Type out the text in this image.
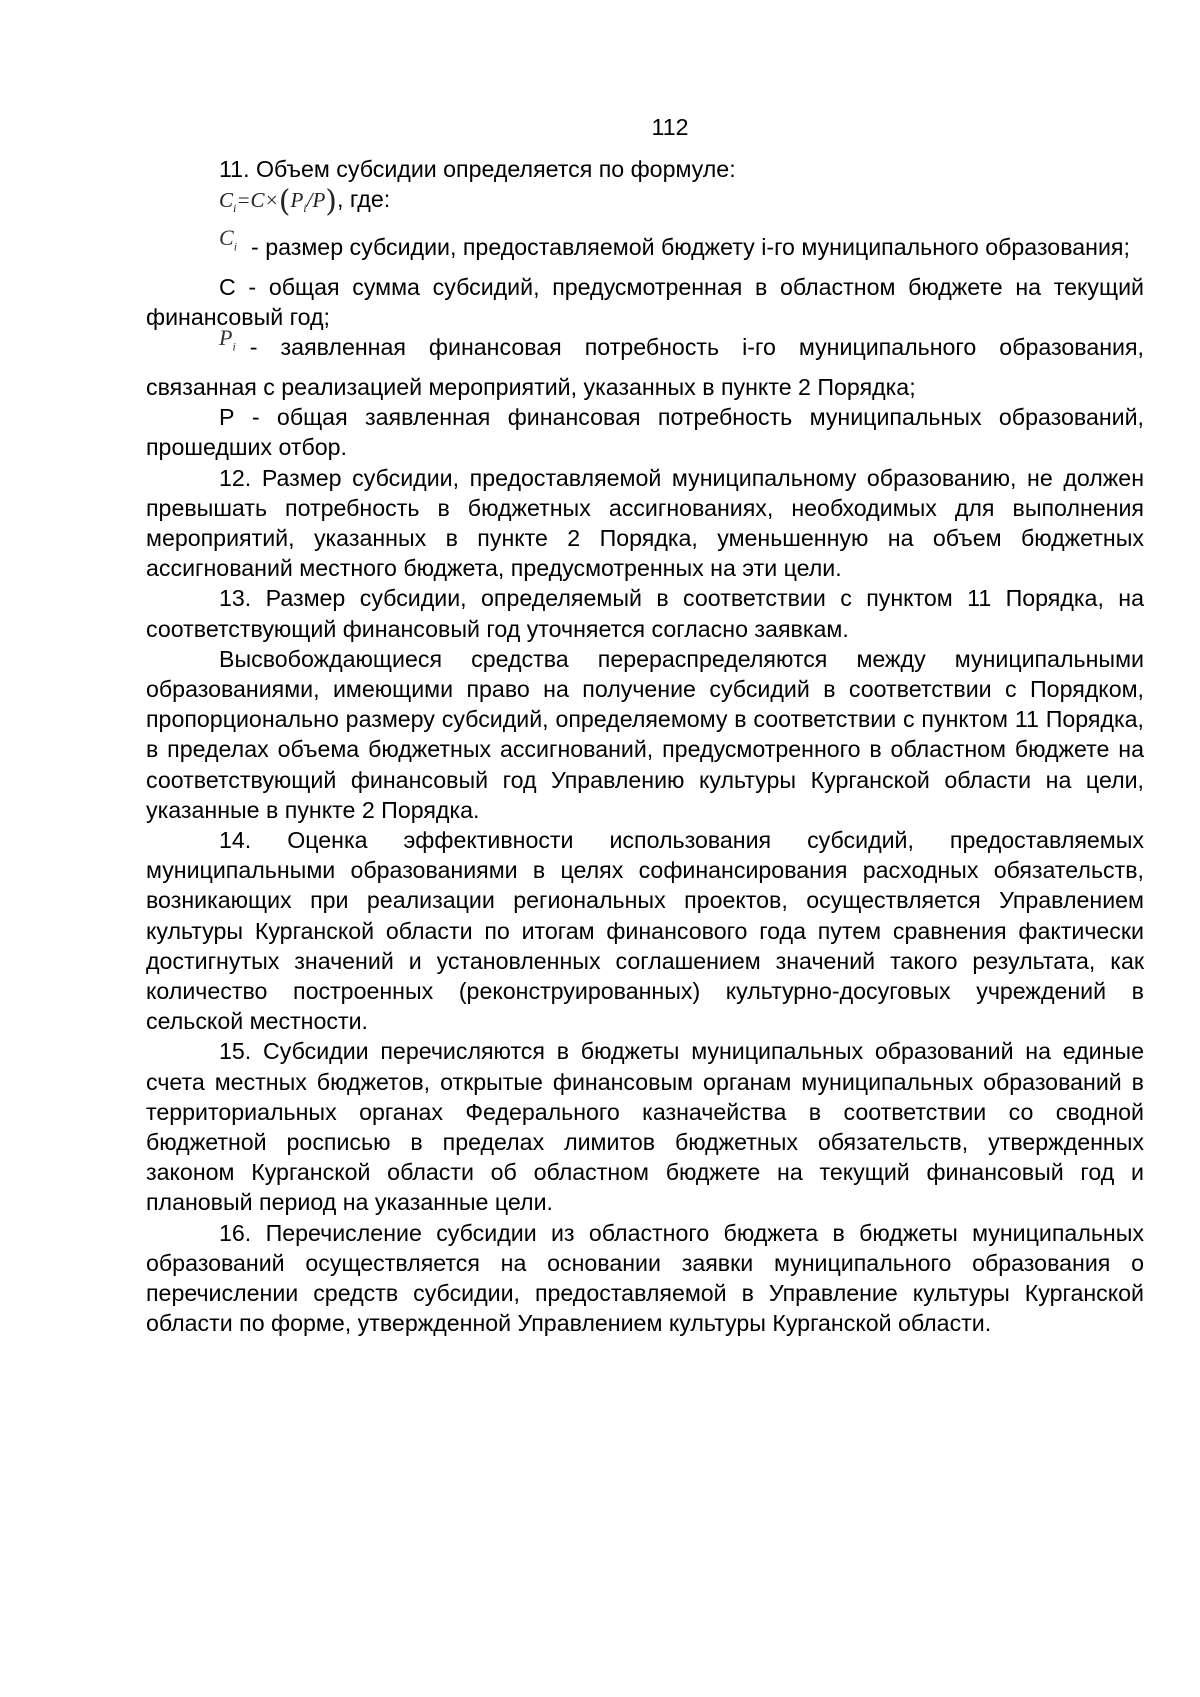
112

11. Объем субсидии определяется по формуле:

$C_i=C\times(P_i/P)$, где:

$C_i$ - размер субсидии, предоставляемой бюджету i-го муниципального образования;

С - общая сумма субсидий, предусмотренная в областном бюджете на текущий финансовый год;

$P_i$ - заявленная финансовая потребность i-го муниципального образования, связанная с реализацией мероприятий, указанных в пункте 2 Порядка;

Р - общая заявленная финансовая потребность муниципальных образований, прошедших отбор.

12. Размер субсидии, предоставляемой муниципальному образованию, не должен превышать потребность в бюджетных ассигнованиях, необходимых для выполнения мероприятий, указанных в пункте 2 Порядка, уменьшенную на объем бюджетных ассигнований местного бюджета, предусмотренных на эти цели.

13. Размер субсидии, определяемый в соответствии с пунктом 11 Порядка, на соответствующий финансовый год уточняется согласно заявкам.

Высвобождающиеся средства перераспределяются между муниципальными образованиями, имеющими право на получение субсидий в соответствии с Порядком, пропорционально размеру субсидий, определяемому в соответствии с пунктом 11 Порядка, в пределах объема бюджетных ассигнований, предусмотренного в областном бюджете на соответствующий финансовый год Управлению культуры Курганской области на цели, указанные в пункте 2 Порядка.

14. Оценка эффективности использования субсидий, предоставляемых муниципальными образованиями в целях софинансирования расходных обязательств, возникающих при реализации региональных проектов, осуществляется Управлением культуры Курганской области по итогам финансового года путем сравнения фактически достигнутых значений и установленных соглашением значений такого результата, как количество построенных (реконструированных) культурно-досуговых учреждений в сельской местности.

15. Субсидии перечисляются в бюджеты муниципальных образований на единые счета местных бюджетов, открытые финансовым органам муниципальных образований в территориальных органах Федерального казначейства в соответствии со сводной бюджетной росписью в пределах лимитов бюджетных обязательств, утвержденных законом Курганской области об областном бюджете на текущий финансовый год и плановый период на указанные цели.

16. Перечисление субсидии из областного бюджета в бюджеты муниципальных образований осуществляется на основании заявки муниципального образования о перечислении средств субсидии, предоставляемой в Управление культуры Курганской области по форме, утвержденной Управлением культуры Курганской области.
